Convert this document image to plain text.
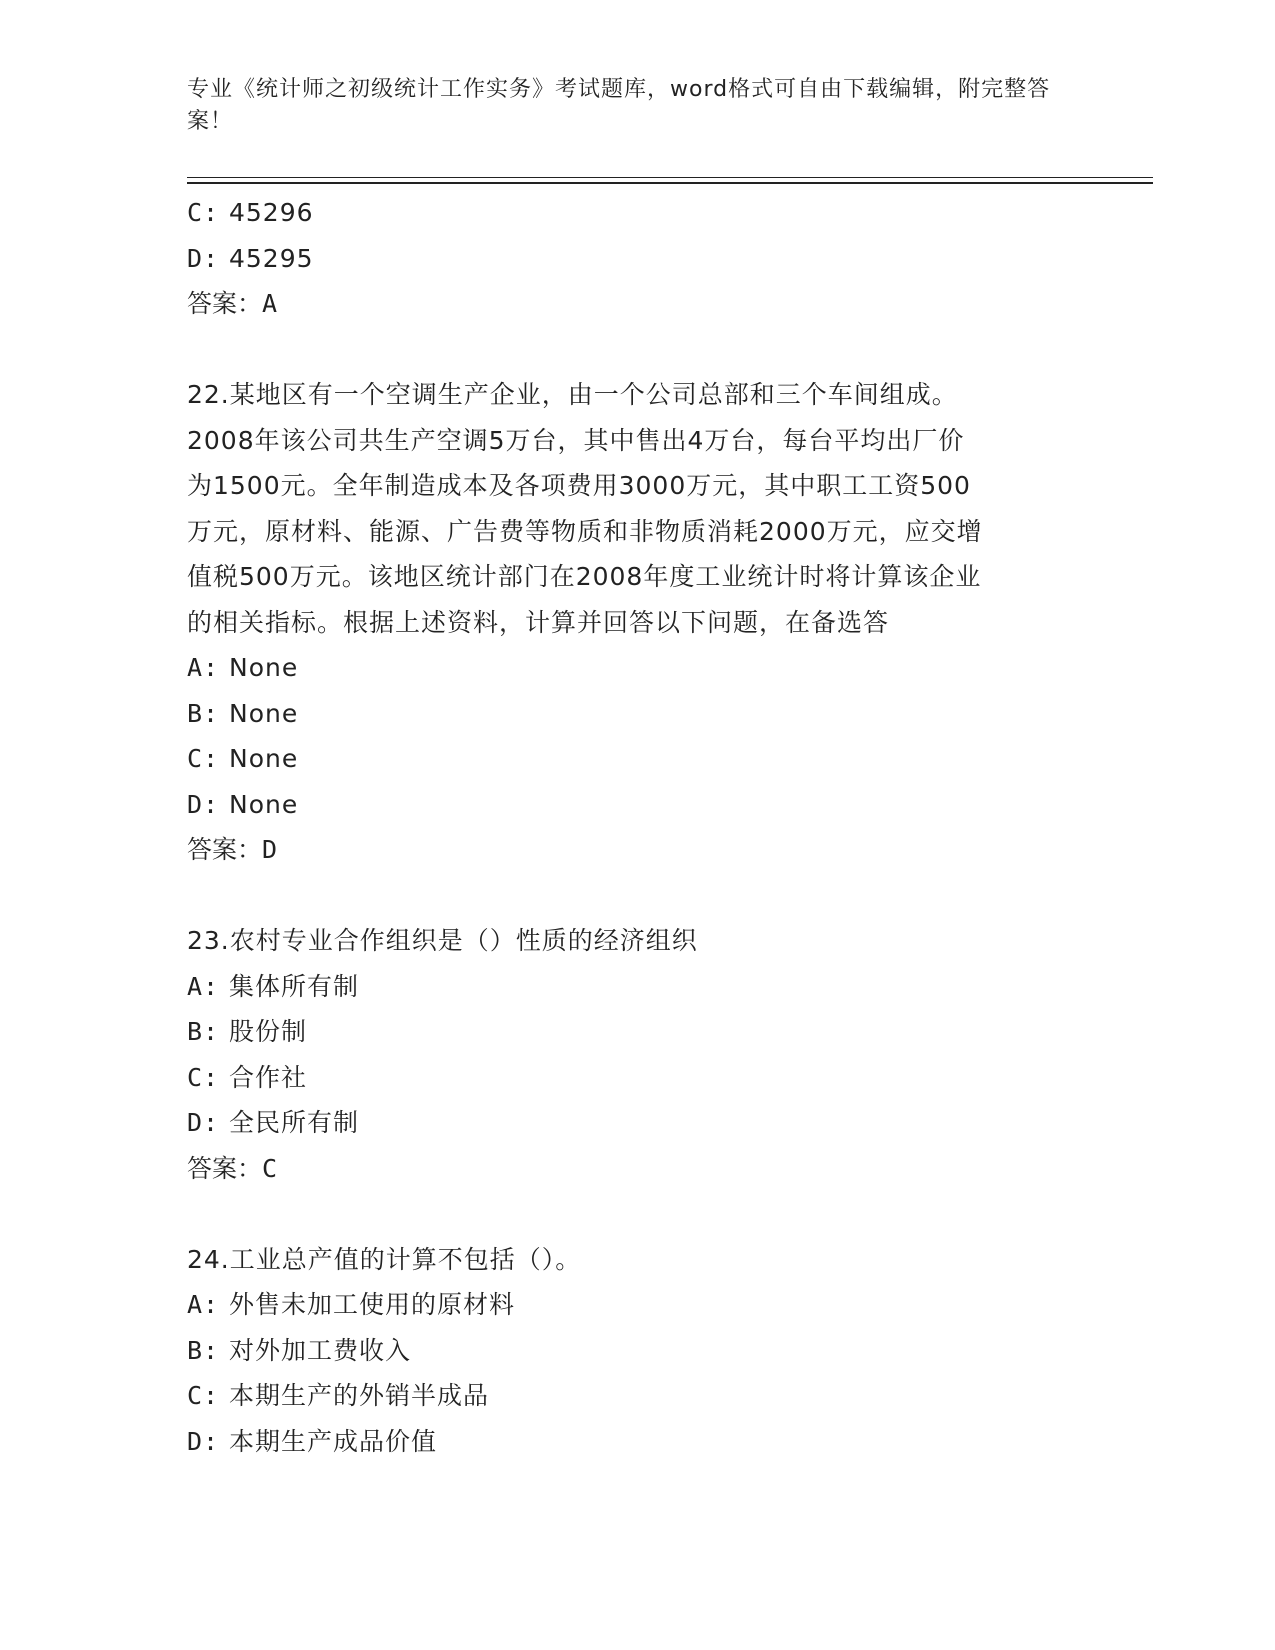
专业《统计师之初级统计工作实务》考试题库，word格式可自由下载编辑，附完整答案！
C: 45296
D: 45295
答案：A
22.某地区有一个空调生产企业，由一个公司总部和三个车间组成。
2008年该公司共生产空调5万台，其中售出4万台，每台平均出厂价
为1500元。全年制造成本及各项费用3000万元，其中职工工资500
万元，原材料、能源、广告费等物质和非物质消耗2000万元，应交增
值税500万元。该地区统计部门在2008年度工业统计时将计算该企业
的相关指标。根据上述资料，计算并回答以下问题，在备选答
A: None
B: None
C: None
D: None
答案：D
23.农村专业合作组织是（）性质的经济组织
A: 集体所有制
B: 股份制
C: 合作社
D: 全民所有制
答案：C
24.工业总产值的计算不包括（）。
A: 外售未加工使用的原材料
B: 对外加工费收入
C: 本期生产的外销半成品
D: 本期生产成品价值
